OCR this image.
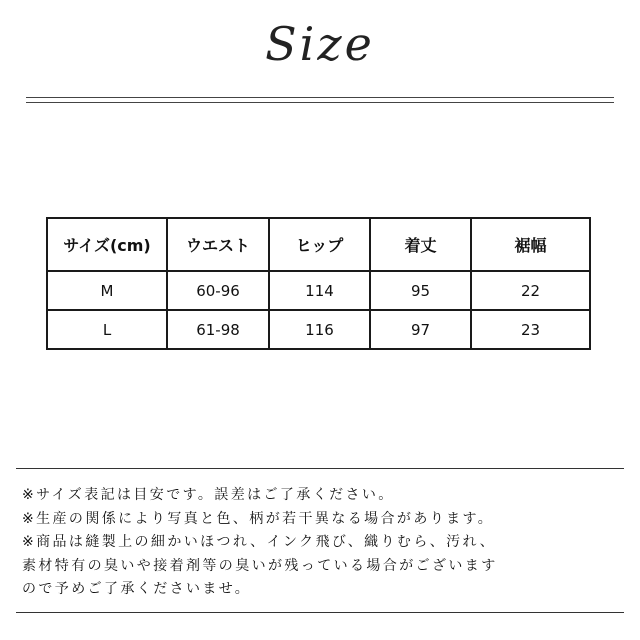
Size
サイズ(cm)	ウエスト	ヒップ	着丈	裾幅
M	60-96	114	95	22
L	61-98	116	97	23
※サイズ表記は目安です。誤差はご了承ください。
※生産の関係により写真と色、柄が若干異なる場合があります。
※商品は縫製上の細かいほつれ、インク飛び、織りむら、汚れ、
素材特有の臭いや接着剤等の臭いが残っている場合がございます
ので予めご了承くださいませ。
